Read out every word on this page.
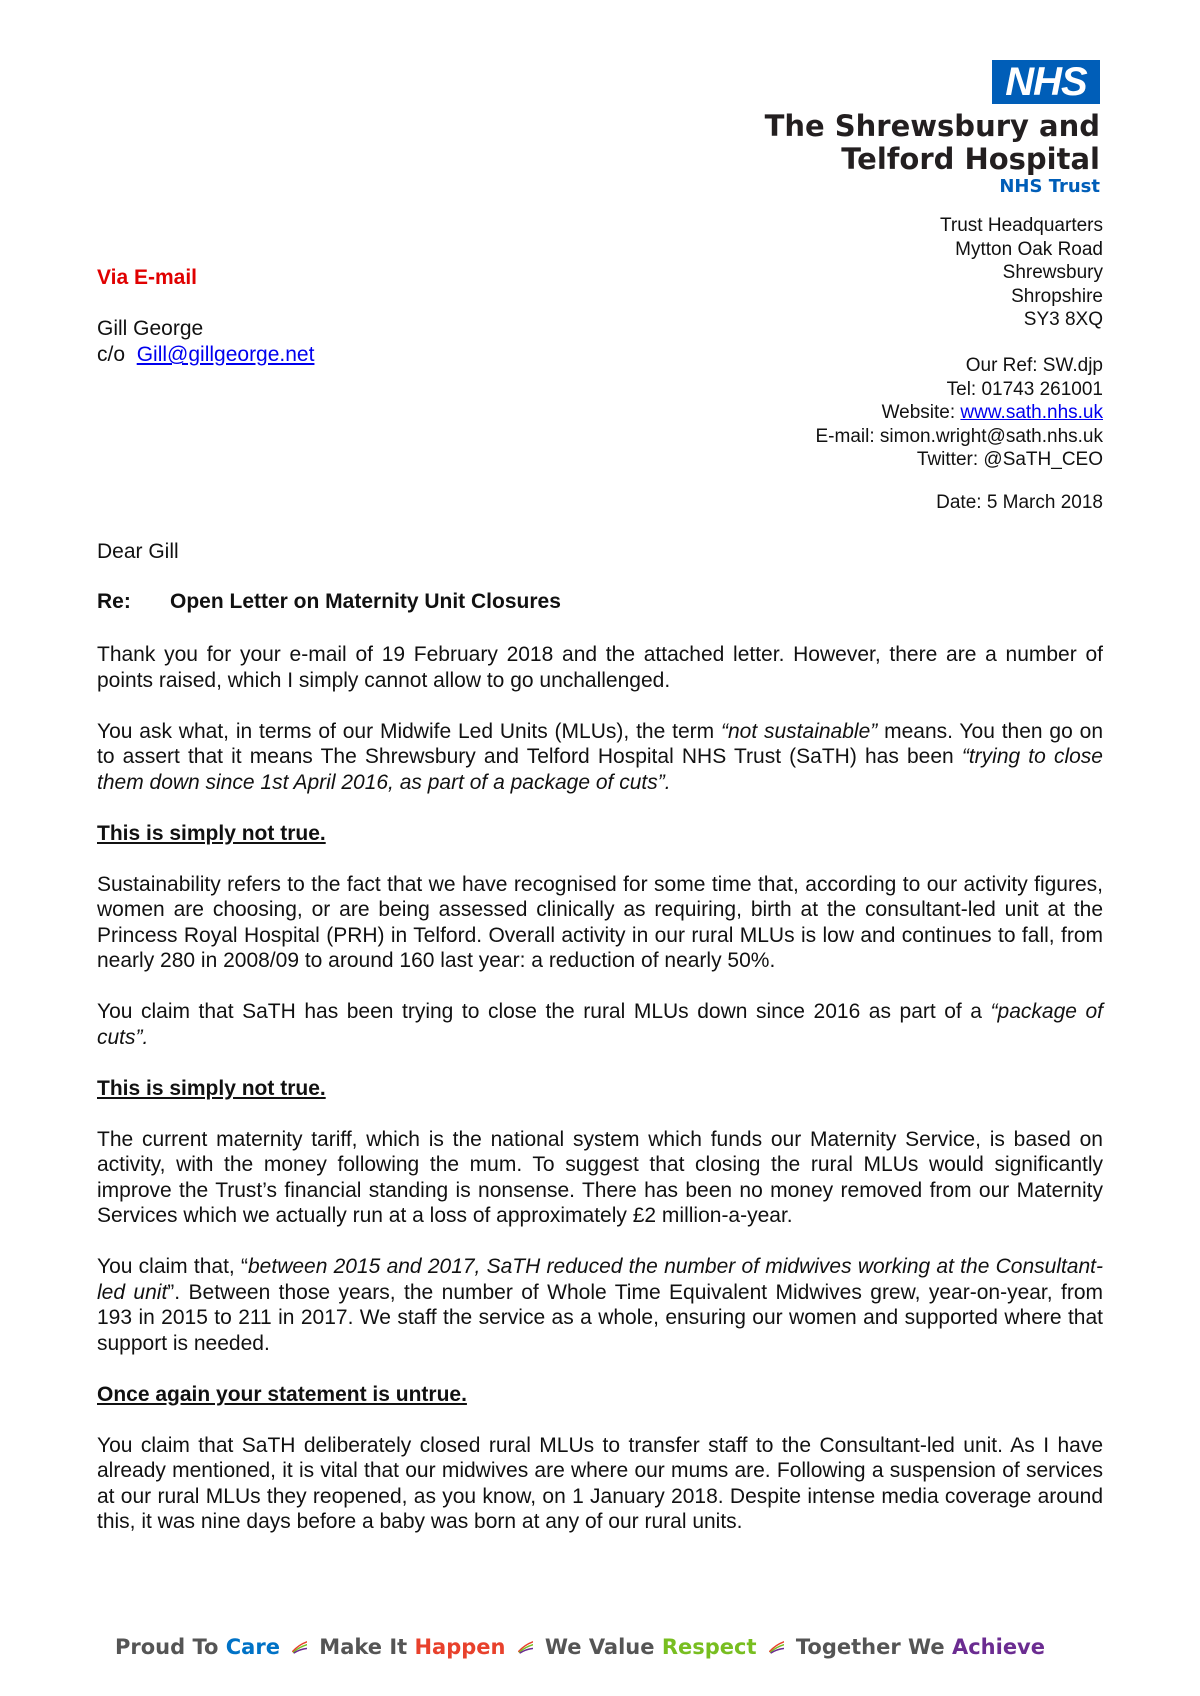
NHS
The Shrewsbury and
Telford Hospital
NHS Trust
Trust Headquarters
Mytton Oak Road
Shrewsbury
Shropshire
SY3 8XQ
Our Ref: SW.djp
Tel: 01743 261001
Website: www.sath.nhs.uk
E-mail: simon.wright@sath.nhs.uk
Twitter: @SaTH_CEO
Date: 5 March 2018
Via E-mail
Gill George
c/o  Gill@gillgeorge.net
Dear Gill
Re: Open Letter on Maternity Unit Closures

Thank you for your e-mail of 19 February 2018 and the attached letter. However, there are a number of points raised, which I simply cannot allow to go unchallenged.

You ask what, in terms of our Midwife Led Units (MLUs), the term “not sustainable” means. You then go on to assert that it means The Shrewsbury and Telford Hospital NHS Trust (SaTH) has been “trying to close them down since 1st April 2016, as part of a package of cuts”.

This is simply not true.

Sustainability refers to the fact that we have recognised for some time that, according to our activity figures, women are choosing, or are being assessed clinically as requiring, birth at the consultant-led unit at the Princess Royal Hospital (PRH) in Telford. Overall activity in our rural MLUs is low and continues to fall, from nearly 280 in 2008/09 to around 160 last year: a reduction of nearly 50%.

You claim that SaTH has been trying to close the rural MLUs down since 2016 as part of a “package of cuts”.

This is simply not true.

The current maternity tariff, which is the national system which funds our Maternity Service, is based on activity, with the money following the mum. To suggest that closing the rural MLUs would significantly improve the Trust’s financial standing is nonsense. There has been no money removed from our Maternity Services which we actually run at a loss of approximately £2 million-a-year.

You claim that, “between 2015 and 2017, SaTH reduced the number of midwives working at the Consultant-led unit”. Between those years, the number of Whole Time Equivalent Midwives grew, year-on-year, from 193 in 2015 to 211 in 2017. We staff the service as a whole, ensuring our women and supported where that support is needed.

Once again your statement is untrue.

You claim that SaTH deliberately closed rural MLUs to transfer staff to the Consultant-led unit. As I have already mentioned, it is vital that our midwives are where our mums are. Following a suspension of services at our rural MLUs they reopened, as you know, on 1 January 2018. Despite intense media coverage around this, it was nine days before a baby was born at any of our rural units.

Proud To Care Make It Happen We Value Respect Together We Achieve
